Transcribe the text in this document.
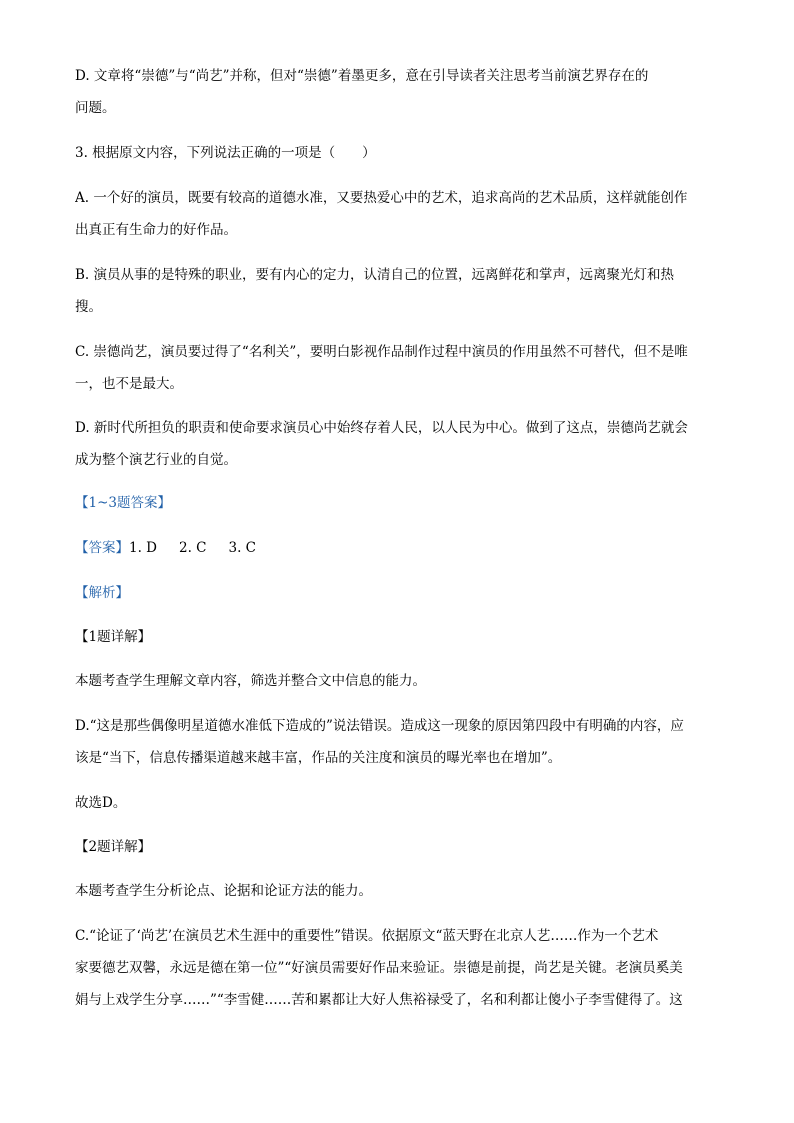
D. 文章将“崇德”与“尚艺”并称，但对“崇德”着墨更多，意在引导读者关注思考当前演艺界存在的
问题。
3. 根据原文内容，下列说法正确的一项是（　　）
A. 一个好的演员，既要有较高的道德水准，又要热爱心中的艺术，追求高尚的艺术品质，这样就能创作
出真正有生命力的好作品。
B. 演员从事的是特殊的职业，要有内心的定力，认清自己的位置，远离鲜花和掌声，远离聚光灯和热
搜。
C. 崇德尚艺，演员要过得了“名利关”，要明白影视作品制作过程中演员的作用虽然不可替代，但不是唯
一，也不是最大。
D. 新时代所担负的职责和使命要求演员心中始终存着人民，以人民为中心。做到了这点，崇德尚艺就会
成为整个演艺行业的自觉。
【1~3题答案】
【答案】1. D 2. C 3. C
【解析】
【1题详解】
本题考查学生理解文章内容，筛选并整合文中信息的能力。
D.“这是那些偶像明星道德水准低下造成的”说法错误。造成这一现象的原因第四段中有明确的内容，应
该是“当下，信息传播渠道越来越丰富，作品的关注度和演员的曝光率也在增加”。
故选D。
【2题详解】
本题考查学生分析论点、论据和论证方法的能力。
C.“论证了‘尚艺’在演员艺术生涯中的重要性”错误。依据原文“蓝天野在北京人艺……作为一个艺术
家要德艺双馨，永远是德在第一位”“好演员需要好作品来验证。崇德是前提，尚艺是关键。老演员奚美
娟与上戏学生分享……”“李雪健……苦和累都让大好人焦裕禄受了，名和利都让傻小子李雪健得了。这
